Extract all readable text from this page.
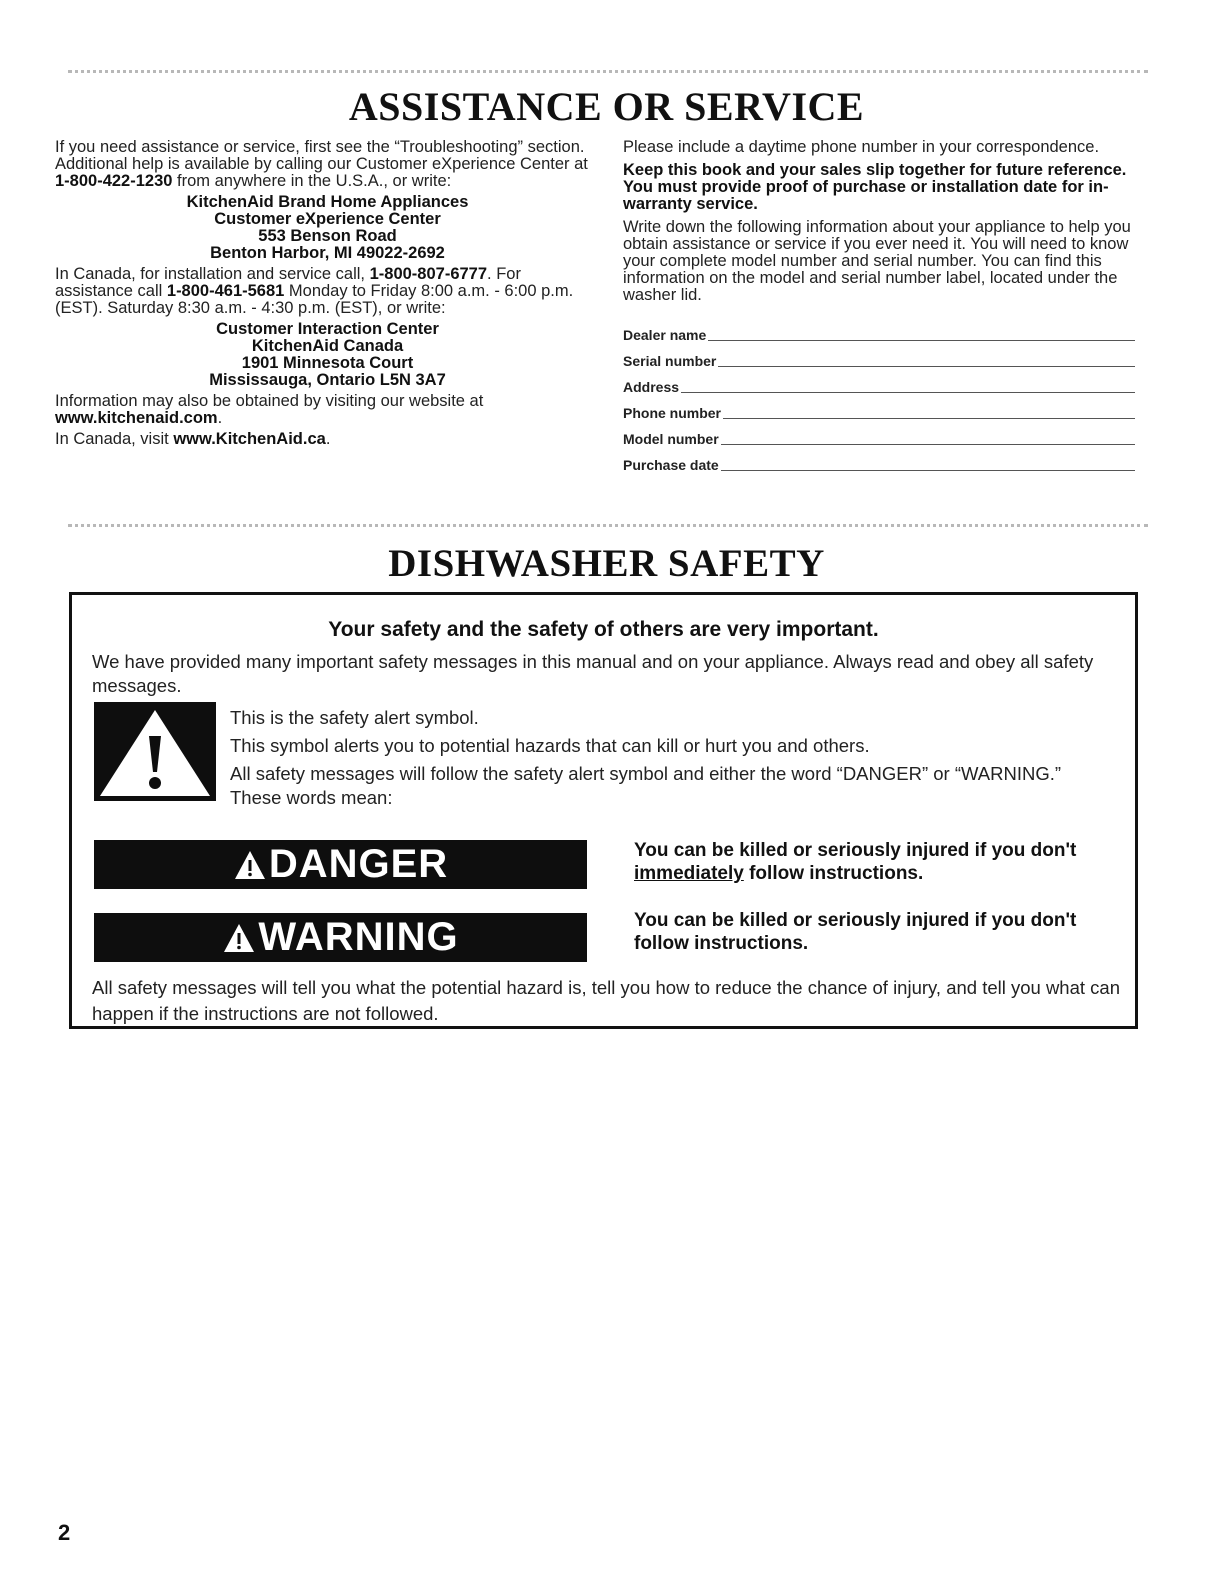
ASSISTANCE OR SERVICE

If you need assistance or service, first see the “Troubleshooting” section. Additional help is available by calling our Customer eXperience Center at 1-800-422-1230 from anywhere in the U.S.A., or write:

KitchenAid Brand Home Appliances
Customer eXperience Center
553 Benson Road
Benton Harbor, MI 49022-2692

In Canada, for installation and service call, 1-800-807-6777. For assistance call 1-800-461-5681 Monday to Friday 8:00 a.m. - 6:00 p.m. (EST). Saturday 8:30 a.m. - 4:30 p.m. (EST), or write:

Customer Interaction Center
KitchenAid Canada
1901 Minnesota Court
Mississauga, Ontario L5N 3A7

Information may also be obtained by visiting our website at www.kitchenaid.com.

In Canada, visit www.KitchenAid.ca.

Please include a daytime phone number in your correspondence.

Keep this book and your sales slip together for future reference. You must provide proof of purchase or installation date for in-warranty service.

Write down the following information about your appliance to help you obtain assistance or service if you ever need it. You will need to know your complete model number and serial number. You can find this information on the model and serial number label, located under the washer lid.

Dealer name
Serial number
Address
Phone number
Model number
Purchase date
DISHWASHER SAFETY
Your safety and the safety of others are very important.
We have provided many important safety messages in this manual and on your appliance. Always read and obey all safety messages.

This is the safety alert symbol.

This symbol alerts you to potential hazards that can kill or hurt you and others.

All safety messages will follow the safety alert symbol and either the word “DANGER” or “WARNING.” These words mean:

DANGER	You can be killed or seriously injured if you don't immediately follow instructions.
WARNING	You can be killed or seriously injured if you don't follow instructions.
All safety messages will tell you what the potential hazard is, tell you how to reduce the chance of injury, and tell you what can happen if the instructions are not followed.
2
